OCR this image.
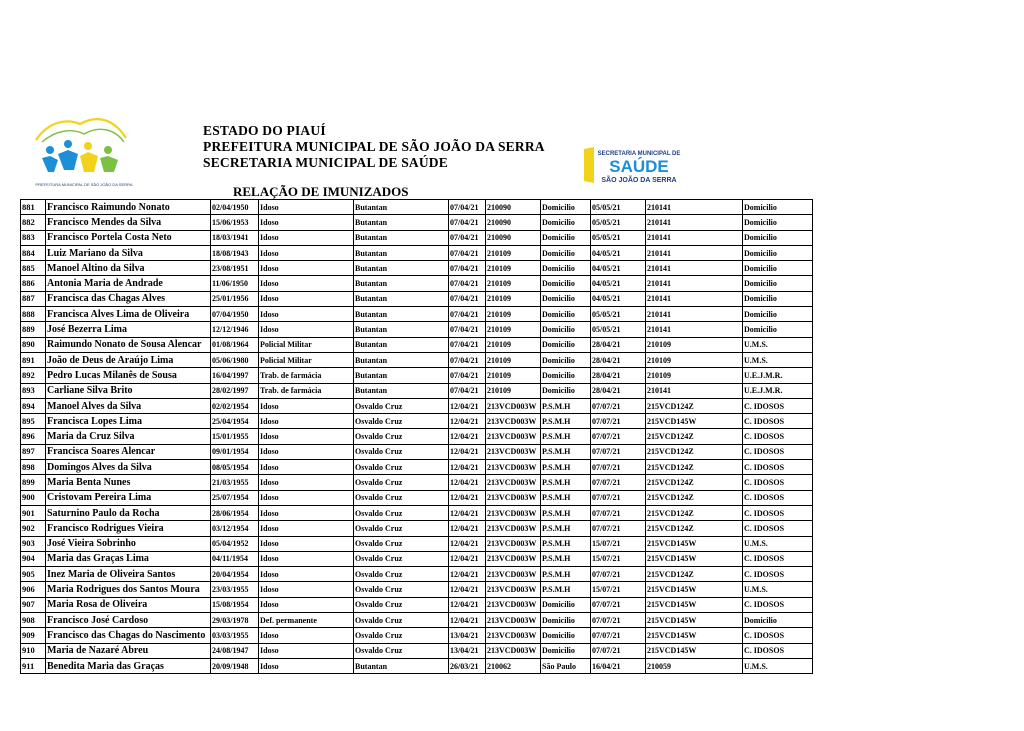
PREFEITURA MUNICIPAL DE SÃO JOÃO DA SERRA
SECRETARIA MUNICIPAL DE
SAÚDE
SÃO JOÃO DA SERRA
ESTADO DO PIAUÍ
PREFEITURA MUNICIPAL DE SÃO JOÃO DA SERRA
SECRETARIA MUNICIPAL DE SAÚDE
RELAÇÃO DE IMUNIZADOS
881	Francisco Raimundo Nonato	02/04/1950	Idoso	Butantan	07/04/21	210090	Domicilio	05/05/21	210141	Domicilio
882	Francisco Mendes da Silva	15/06/1953	Idoso	Butantan	07/04/21	210090	Domicilio	05/05/21	210141	Domicilio
883	Francisco Portela Costa Neto	18/03/1941	Idoso	Butantan	07/04/21	210090	Domicilio	05/05/21	210141	Domicilio
884	Luiz Mariano da Silva	18/08/1943	Idoso	Butantan	07/04/21	210109	Domicilio	04/05/21	210141	Domicilio
885	Manoel Altino da Silva	23/08/1951	Idoso	Butantan	07/04/21	210109	Domicilio	04/05/21	210141	Domicilio
886	Antonia Maria de Andrade	11/06/1950	Idoso	Butantan	07/04/21	210109	Domicilio	04/05/21	210141	Domicilio
887	Francisca das Chagas Alves	25/01/1956	Idoso	Butantan	07/04/21	210109	Domicilio	04/05/21	210141	Domicilio
888	Francisca Alves Lima de Oliveira	07/04/1950	Idoso	Butantan	07/04/21	210109	Domicilio	05/05/21	210141	Domicilio
889	José Bezerra Lima	12/12/1946	Idoso	Butantan	07/04/21	210109	Domicilio	05/05/21	210141	Domicilio
890	Raimundo Nonato de Sousa Alencar	01/08/1964	Policial Militar	Butantan	07/04/21	210109	Domicilio	28/04/21	210109	U.M.S.
891	João de Deus de Araújo Lima	05/06/1980	Policial Militar	Butantan	07/04/21	210109	Domicilio	28/04/21	210109	U.M.S.
892	Pedro Lucas Milanês de Sousa	16/04/1997	Trab. de farmácia	Butantan	07/04/21	210109	Domicilio	28/04/21	210109	U.E.J.M.R.
893	Carliane Silva Brito	28/02/1997	Trab. de farmácia	Butantan	07/04/21	210109	Domicilio	28/04/21	210141	U.E.J.M.R.
894	Manoel Alves da Silva	02/02/1954	Idoso	Osvaldo Cruz	12/04/21	213VCD003W	P.S.M.H	07/07/21	215VCD124Z	C. IDOSOS
895	Francisca Lopes Lima	25/04/1954	Idoso	Osvaldo Cruz	12/04/21	213VCD003W	P.S.M.H	07/07/21	215VCD145W	C. IDOSOS
896	Maria da Cruz Silva	15/01/1955	Idoso	Osvaldo Cruz	12/04/21	213VCD003W	P.S.M.H	07/07/21	215VCD124Z	C. IDOSOS
897	Francisca Soares Alencar	09/01/1954	Idoso	Osvaldo Cruz	12/04/21	213VCD003W	P.S.M.H	07/07/21	215VCD124Z	C. IDOSOS
898	Domingos Alves da Silva	08/05/1954	Idoso	Osvaldo Cruz	12/04/21	213VCD003W	P.S.M.H	07/07/21	215VCD124Z	C. IDOSOS
899	Maria Benta Nunes	21/03/1955	Idoso	Osvaldo Cruz	12/04/21	213VCD003W	P.S.M.H	07/07/21	215VCD124Z	C. IDOSOS
900	Cristovam Pereira Lima	25/07/1954	Idoso	Osvaldo Cruz	12/04/21	213VCD003W	P.S.M.H	07/07/21	215VCD124Z	C. IDOSOS
901	Saturnino Paulo da Rocha	28/06/1954	Idoso	Osvaldo Cruz	12/04/21	213VCD003W	P.S.M.H	07/07/21	215VCD124Z	C. IDOSOS
902	Francisco Rodrigues Vieira	03/12/1954	Idoso	Osvaldo Cruz	12/04/21	213VCD003W	P.S.M.H	07/07/21	215VCD124Z	C. IDOSOS
903	José Vieira Sobrinho	05/04/1952	Idoso	Osvaldo Cruz	12/04/21	213VCD003W	P.S.M.H	15/07/21	215VCD145W	U.M.S.
904	Maria das Graças Lima	04/11/1954	Idoso	Osvaldo Cruz	12/04/21	213VCD003W	P.S.M.H	15/07/21	215VCD145W	C. IDOSOS
905	Inez Maria de Oliveira Santos	20/04/1954	Idoso	Osvaldo Cruz	12/04/21	213VCD003W	P.S.M.H	07/07/21	215VCD124Z	C. IDOSOS
906	Maria Rodrigues dos Santos Moura	23/03/1955	Idoso	Osvaldo Cruz	12/04/21	213VCD003W	P.S.M.H	15/07/21	215VCD145W	U.M.S.
907	Maria Rosa de Oliveira	15/08/1954	Idoso	Osvaldo Cruz	12/04/21	213VCD003W	Domicilio	07/07/21	215VCD145W	C. IDOSOS
908	Francisco José Cardoso	29/03/1978	Def. permanente	Osvaldo Cruz	12/04/21	213VCD003W	Domicilio	07/07/21	215VCD145W	Domicilio
909	Francisco das Chagas do Nascimento	03/03/1955	Idoso	Osvaldo Cruz	13/04/21	213VCD003W	Domicilio	07/07/21	215VCD145W	C. IDOSOS
910	Maria de Nazaré Abreu	24/08/1947	Idoso	Osvaldo Cruz	13/04/21	213VCD003W	Domicilio	07/07/21	215VCD145W	C. IDOSOS
911	Benedita Maria das Graças	20/09/1948	Idoso	Butantan	26/03/21	210062	São Paulo	16/04/21	210059	U.M.S.
